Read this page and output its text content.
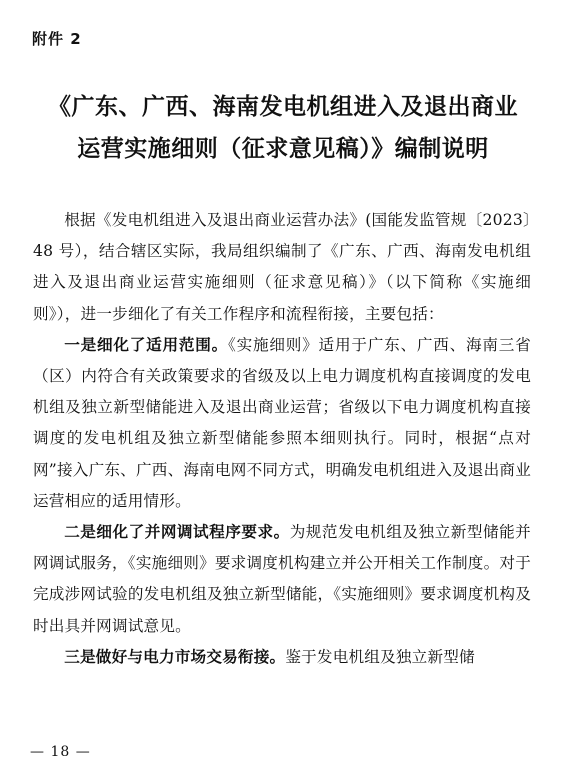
附件 2
《广东、广西、海南发电机组进入及退出商业
运营实施细则（征求意见稿）》编制说明

根据《发电机组进入及退出商业运营办法》(国能发监管规〔2023〕48 号），结合辖区实际，我局组织编制了《广东、广西、海南发电机组进入及退出商业运营实施细则（征求意见稿）》（以下简称《实施细则》），进一步细化了有关工作程序和流程衔接，主要包括：

一是细化了适用范围。《实施细则》适用于广东、广西、海南三省（区）内符合有关政策要求的省级及以上电力调度机构直接调度的发电机组及独立新型储能进入及退出商业运营；省级以下电力调度机构直接调度的发电机组及独立新型储能参照本细则执行。同时，根据“点对网”接入广东、广西、海南电网不同方式，明确发电机组进入及退出商业运营相应的适用情形。

二是细化了并网调试程序要求。为规范发电机组及独立新型储能并网调试服务，《实施细则》要求调度机构建立并公开相关工作制度。对于完成涉网试验的发电机组及独立新型储能，《实施细则》要求调度机构及时出具并网调试意见。

三是做好与电力市场交易衔接。鉴于发电机组及独立新型储

— 18 —
